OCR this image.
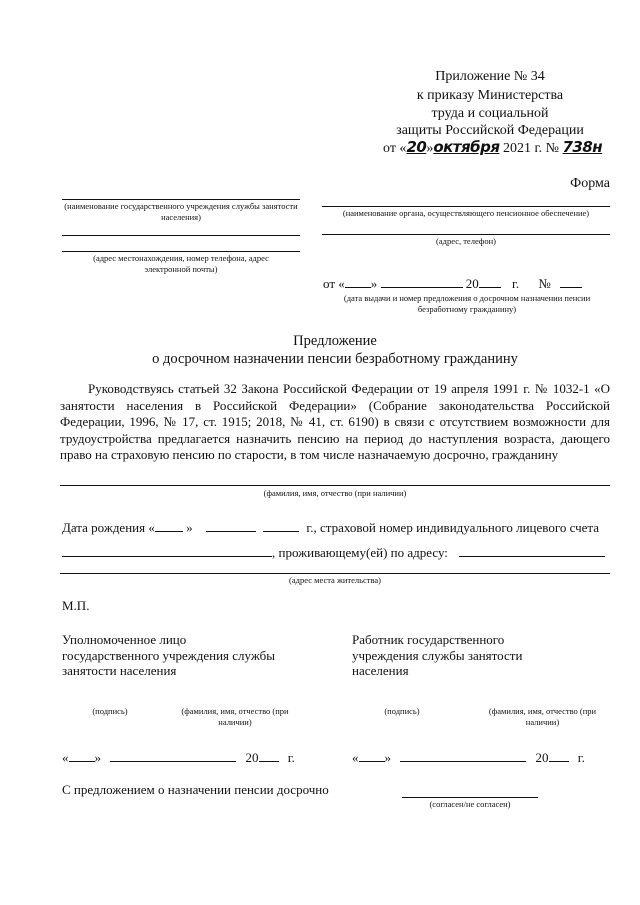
Приложение № 34
к приказу Министерства
труда и социальной
защиты Российской Федерации
от «20»октября 2021 г. № 738н
Форма
(наименование государственного учреждения службы занятости населения)
(адрес местонахождения, номер телефона, адрес электронной почты)
(наименование органа, осуществляющего пенсионное обеспечение)
(адрес, телефон)
от « »	20	г. №
(дата выдачи и номер предложения о досрочном назначении пенсии безработному гражданину)
Предложение
о досрочном назначении пенсии безработному гражданину
Руководствуясь статьей 32 Закона Российской Федерации от 19 апреля 1991 г. № 1032-1 «О занятости населения в Российской Федерации» (Собрание законодательства Российской Федерации, 1996, № 17, ст. 1915; 2018, № 41, ст. 6190) в связи с отсутствием возможности для трудоустройства предлагается назначить пенсию на период до наступления возраста, дающего право на страховую пенсию по старости, в том числе назначаемую досрочно, гражданину
(фамилия, имя, отчество (при наличии)
Дата рождения « »	г., страховой номер индивидуального лицевого счета
, проживающему(ей) по адресу:
(адрес места жительства)
М.П.
Уполномоченное лицо
государственного учреждения службы
занятости населения
(подпись)	(фамилия, имя, отчество (при наличии)
Работник государственного
учреждения службы занятости
населения
(подпись)	(фамилия, имя, отчество (при наличии)
« »	20 г.	« »	20 г.
С предложением о назначении пенсии досрочно
(согласен/не согласен)
